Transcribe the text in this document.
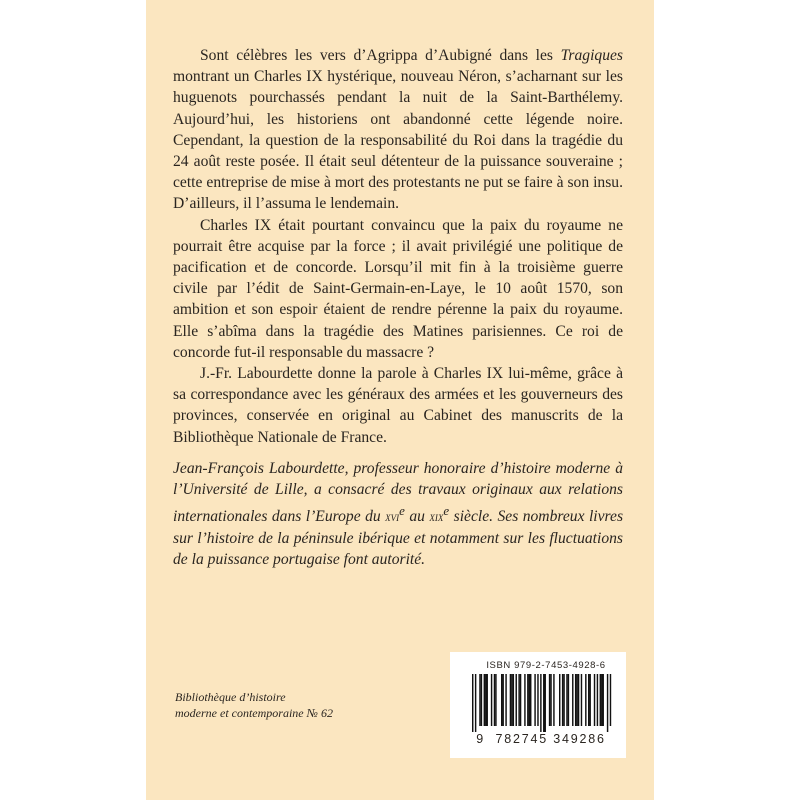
Sont célèbres les vers d’Agrippa d’Aubigné dans les Tragiques montrant un Charles IX hystérique, nouveau Néron, s’acharnant sur les huguenots pourchassés pendant la nuit de la Saint-Barthélemy. Aujourd’hui, les historiens ont abandonné cette légende noire. Cependant, la question de la responsabilité du Roi dans la tragédie du 24 août reste posée. Il était seul détenteur de la puissance souveraine ; cette entreprise de mise à mort des protestants ne put se faire à son insu. D’ailleurs, il l’assuma le lendemain.

Charles IX était pourtant convaincu que la paix du royaume ne pourrait être acquise par la force ; il avait privilégié une politique de pacification et de concorde. Lorsqu’il mit fin à la troisième guerre civile par l’édit de Saint-Germain-en-Laye, le 10 août 1570, son ambition et son espoir étaient de rendre pérenne la paix du royaume. Elle s’abîma dans la tragédie des Matines parisiennes. Ce roi de concorde fut-il responsable du massacre ?

J.-Fr. Labourdette donne la parole à Charles IX lui-même, grâce à sa correspondance avec les généraux des armées et les gouverneurs des provinces, conservée en original au Cabinet des manuscrits de la Bibliothèque Nationale de France.

Jean-François Labourdette, professeur honoraire d’histoire moderne à l’Université de Lille, a consacré des travaux originaux aux relations internationales dans l’Europe du xvi$^e$ au xix$^e$ siècle. Ses nombreux livres sur l’histoire de la péninsule ibérique et notamment sur les fluctuations de la puissance portugaise font autorité.

Bibliothèque d’histoire
moderne et contemporaine № 62
ISBN 979-2-7453-4928-6
9 782745 349286
